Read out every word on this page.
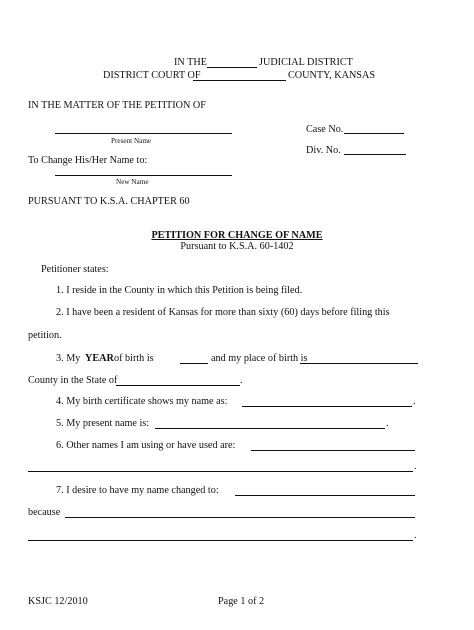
IN THE	JUDICIAL DISTRICT
DISTRICT COURT OF	COUNTY, KANSAS
IN THE MATTER OF THE PETITION OF
Present Name
To Change His/Her Name to:
New Name
PURSUANT TO K.S.A. CHAPTER 60
Case No.
Div. No.
PETITION FOR CHANGE OF NAME
Pursuant to K.S.A. 60-1402
Petitioner states:
1. I reside in the County in which this Petition is being filed.
2. I have been a resident of Kansas for more than sixty (60) days before filing this
petition.
3. My YEAR of birth is	and my place of birth is
County in the State of	.
4. My birth certificate shows my name as:	.
5. My present name is:	.
6. Other names I am using or have used are:
.
7. I desire to have my name changed to:
because
.
KSJC 12/2010	Page 1 of 2
